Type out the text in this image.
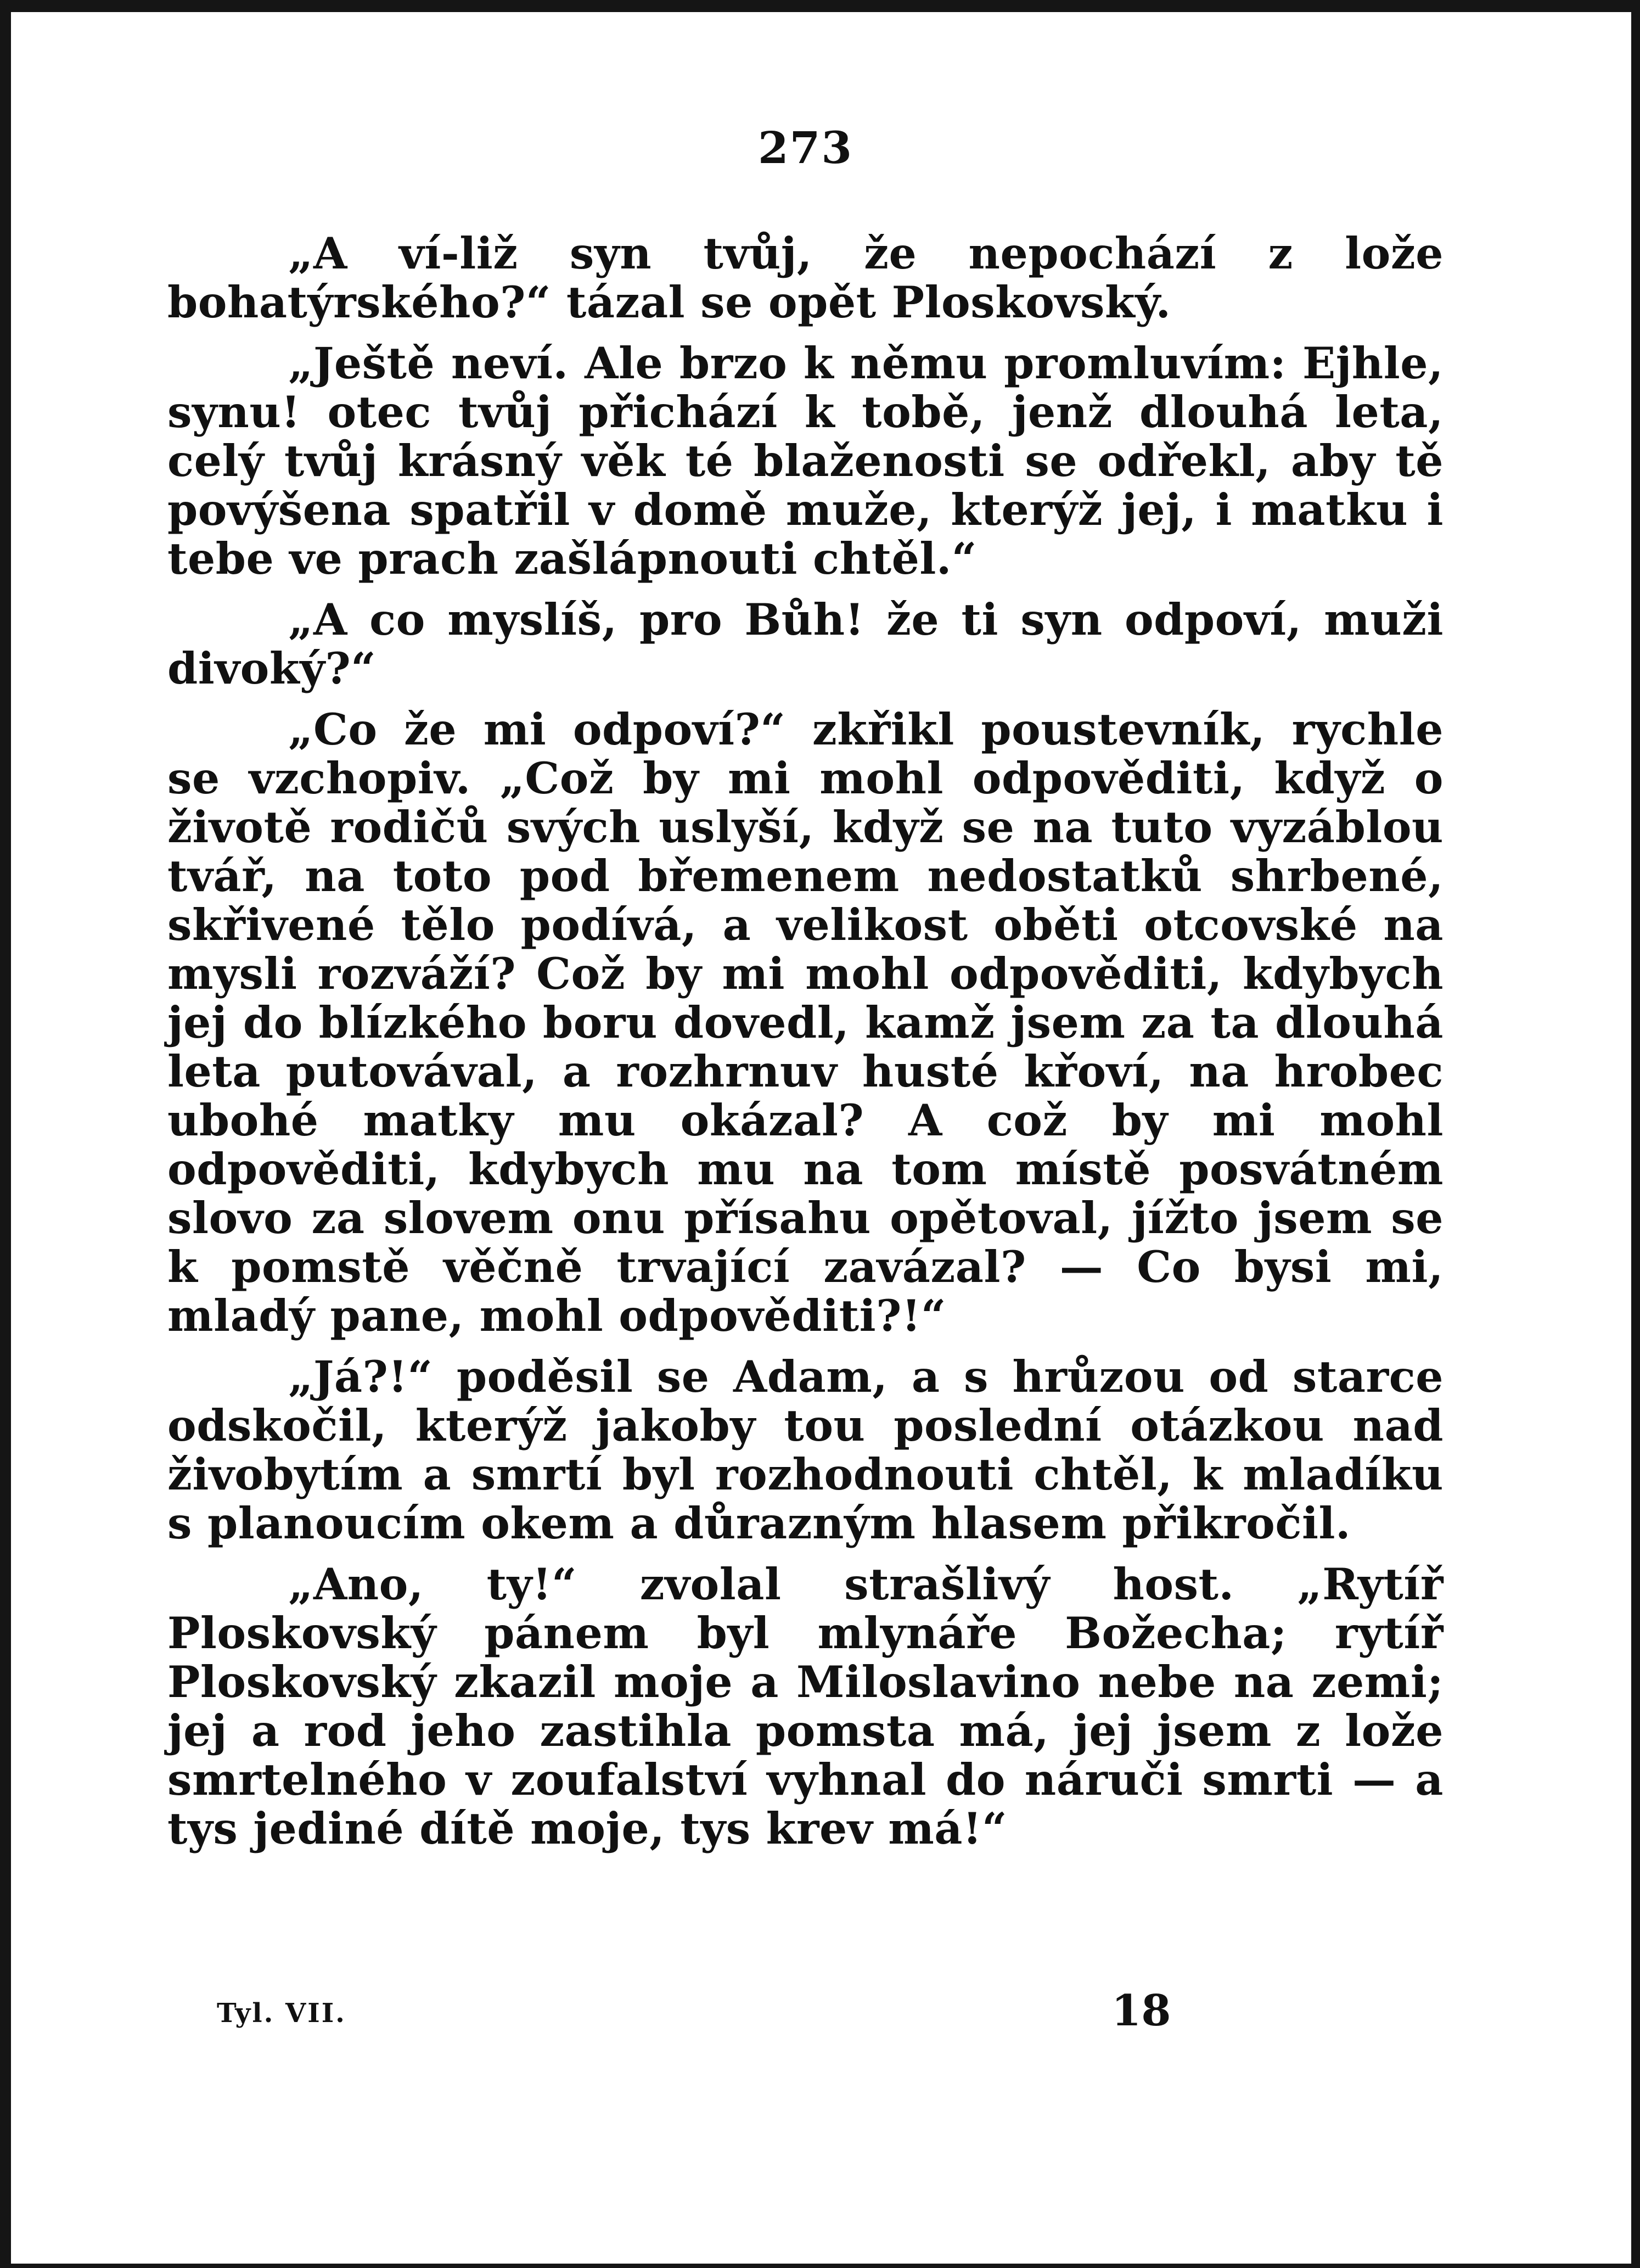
273

„A ví-liž syn tvůj, že nepochází z lože bohatýrského?“ tázal se opět Ploskovský.

„Ještě neví. Ale brzo k němu promluvím: Ejhle, synu! otec tvůj přichází k tobě, jenž dlouhá leta, celý tvůj krásný věk té blaženosti se odřekl, aby tě povýšena spatřil v domě muže, kterýž jej, i matku i tebe ve prach zašlápnouti chtěl.“

„A co myslíš, pro Bůh! že ti syn odpoví, muži divoký?“

„Co že mi odpoví?“ zkřikl poustevník, rychle se vzchopiv. „Což by mi mohl odpověditi, když o životě rodičů svých uslyší, když se na tuto vyzáblou tvář, na toto pod břemenem nedostatků shrbené, skřivené tělo podívá, a velikost oběti otcovské na mysli rozváží? Což by mi mohl odpověditi, kdybych jej do blízkého boru dovedl, kamž jsem za ta dlouhá leta putovával, a rozhrnuv husté křoví, na hrobec ubohé matky mu okázal? A což by mi mohl odpověditi, kdybych mu na tom místě posvátném slovo za slovem onu přísahu opětoval, jížto jsem se k pomstě věčně trvající zavázal? — Co bysi mi, mladý pane, mohl odpověditi?!“

„Já?!“ poděsil se Adam, a s hrůzou od starce odskočil, kterýž jakoby tou poslední otázkou nad živobytím a smrtí byl rozhodnouti chtěl, k mladíku s planoucím okem a důrazným hlasem přikročil.

„Ano, ty!“ zvolal strašlivý host. „Rytíř Ploskovský pánem byl mlynáře Božecha; rytíř Ploskovský zkazil moje a Miloslavino nebe na zemi; jej a rod jeho zastihla pomsta má, jej jsem z lože smrtelného v zoufalství vyhnal do náruči smrti — a tys jediné dítě moje, tys krev má!“

Tyl. VII.	18
